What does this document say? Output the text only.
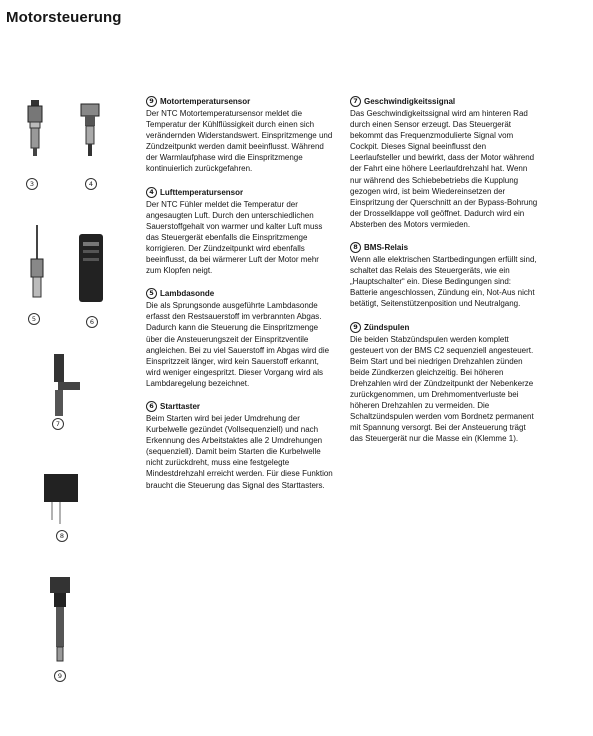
Motorsteuerung
3	4
5	6
7
8
9

9 Motortemperatursensor

Der NTC Motortemperatursensor meldet die Temperatur der Kühlflüssigkeit durch einen sich verändernden Widerstandswert. Einspritzmenge und Zündzeitpunkt werden damit beeinflusst. Während der Warmlaufphase wird die Einspritzmenge kontinuierlich zurückgefahren.

4 Lufttemperatursensor

Der NTC Fühler meldet die Temperatur der angesaugten Luft. Durch den unterschiedlichen Sauerstoffgehalt von warmer und kalter Luft muss das Steuergerät ebenfalls die Einspritzmenge korrigieren. Der Zündzeitpunkt wird ebenfalls beeinflusst, da bei wärmerer Luft der Motor mehr zum Klopfen neigt.

5 Lambdasonde

Die als Sprungsonde ausgeführte Lambdasonde erfasst den Restsauerstoff im verbrannten Abgas. Dadurch kann die Steuerung die Einspritzmenge über die Ansteuerungszeit der Einspritzventile angleichen. Bei zu viel Sauerstoff im Abgas wird die Einspritzzeit länger, wird kein Sauerstoff erkannt, wird weniger eingespritzt. Dieser Vorgang wird als Lambdaregelung bezeichnet.

6 Starttaster

Beim Starten wird bei jeder Umdrehung der Kurbelwelle gezündet (Vollsequenziell) und nach Erkennung des Arbeitstaktes alle 2 Umdrehungen (sequenziell). Damit beim Starten die Kurbelwelle nicht zurückdreht, muss eine festgelegte Mindestdrehzahl erreicht werden. Für diese Funktion braucht die Steuerung das Signal des Starttasters.

7 Geschwindigkeitssignal

Das Geschwindigkeitssignal wird am hinteren Rad durch einen Sensor erzeugt. Das Steuergerät bekommt das Frequenzmodulierte Signal vom Cockpit. Dieses Signal beeinflusst den Leerlaufsteller und bewirkt, dass der Motor während der Fahrt eine höhere Leerlaufdrehzahl hat. Wenn nur während des Schiebebetriebs die Kupplung gezogen wird, ist beim Wiedereinsetzen der Einspritzung der Querschnitt an der Bypass-Bohrung der Drosselklappe voll geöffnet. Dadurch wird ein Absterben des Motors vermieden.

8 BMS-Relais

Wenn alle elektrischen Startbedingungen erfüllt sind, schaltet das Relais des Steuergeräts, wie ein „Hauptschalter“ ein. Diese Bedingungen sind: Batterie angeschlossen, Zündung ein, Not-Aus nicht betätigt, Seitenstützenposition und Neutralgang.

9 Zündspulen

Die beiden Stabzündspulen werden komplett gesteuert von der BMS C2 sequenziell angesteuert. Beim Start und bei niedrigen Drehzahlen zünden beide Zündkerzen gleichzeitig. Bei höheren Drehzahlen wird der Zündzeitpunkt der Nebenkerze zurückgenommen, um Drehmomentverluste bei höheren Drehzahlen zu vermeiden. Die Schaltzündspulen werden vom Bordnetz permanent mit Spannung versorgt. Bei der Ansteuerung trägt das Steuergerät nur die Masse ein (Klemme 1).
